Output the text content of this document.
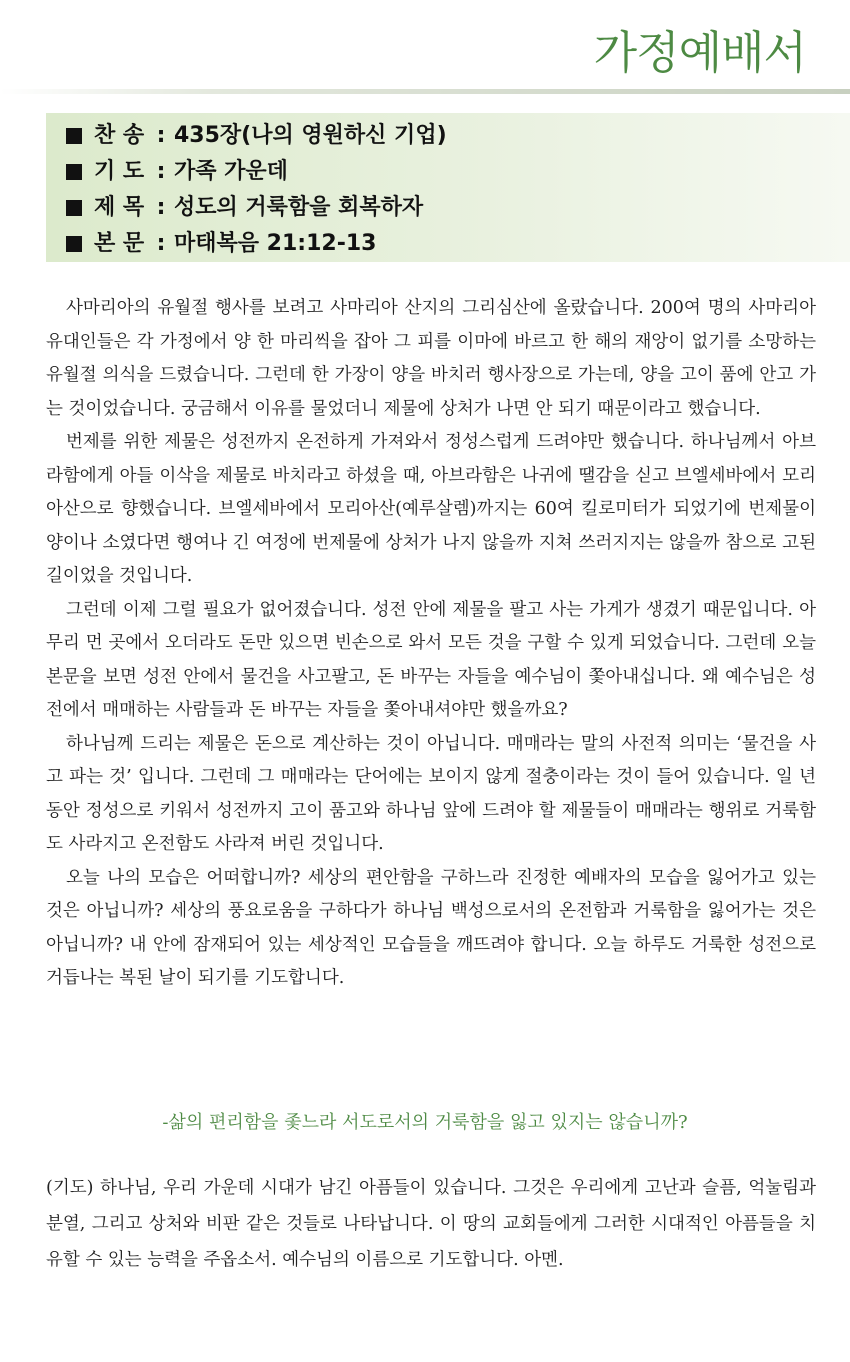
가정예배서
찬 송 : 435장(나의 영원하신 기업)
기 도 : 가족 가운데
제 목 : 성도의 거룩함을 회복하자
본 문 : 마태복음 21:12-13

사마리아의 유월절 행사를 보려고 사마리아 산지의 그리심산에 올랐습니다. 200여 명의 사마리아 유대인들은 각 가정에서 양 한 마리씩을 잡아 그 피를 이마에 바르고 한 해의 재앙이 없기를 소망하는 유월절 의식을 드렸습니다. 그런데 한 가장이 양을 바치러 행사장으로 가는데, 양을 고이 품에 안고 가는 것이었습니다. 궁금해서 이유를 물었더니 제물에 상처가 나면 안 되기 때문이라고 했습니다.

번제를 위한 제물은 성전까지 온전하게 가져와서 정성스럽게 드려야만 했습니다. 하나님께서 아브라함에게 아들 이삭을 제물로 바치라고 하셨을 때, 아브라함은 나귀에 땔감을 싣고 브엘세바에서 모리아산으로 향했습니다. 브엘세바에서 모리아산(예루살렘)까지는 60여 킬로미터가 되었기에 번제물이 양이나 소였다면 행여나 긴 여정에 번제물에 상처가 나지 않을까 지쳐 쓰러지지는 않을까 참으로 고된 길이었을 것입니다.

그런데 이제 그럴 필요가 없어졌습니다. 성전 안에 제물을 팔고 사는 가게가 생겼기 때문입니다. 아무리 먼 곳에서 오더라도 돈만 있으면 빈손으로 와서 모든 것을 구할 수 있게 되었습니다. 그런데 오늘 본문을 보면 성전 안에서 물건을 사고팔고, 돈 바꾸는 자들을 예수님이 쫓아내십니다. 왜 예수님은 성전에서 매매하는 사람들과 돈 바꾸는 자들을 쫓아내셔야만 했을까요?

하나님께 드리는 제물은 돈으로 계산하는 것이 아닙니다. 매매라는 말의 사전적 의미는 ‘물건을 사고 파는 것’ 입니다. 그런데 그 매매라는 단어에는 보이지 않게 절충이라는 것이 들어 있습니다. 일 년 동안 정성으로 키워서 성전까지 고이 품고와 하나님 앞에 드려야 할 제물들이 매매라는 행위로 거룩함도 사라지고 온전함도 사라져 버린 것입니다.

오늘 나의 모습은 어떠합니까? 세상의 편안함을 구하느라 진정한 예배자의 모습을 잃어가고 있는 것은 아닙니까? 세상의 풍요로움을 구하다가 하나님 백성으로서의 온전함과 거룩함을 잃어가는 것은 아닙니까? 내 안에 잠재되어 있는 세상적인 모습들을 깨뜨려야 합니다. 오늘 하루도 거룩한 성전으로 거듭나는 복된 날이 되기를 기도합니다.

-삶의 편리함을 좇느라 서도로서의 거룩함을 잃고 있지는 않습니까?

(기도) 하나님, 우리 가운데 시대가 남긴 아픔들이 있습니다. 그것은 우리에게 고난과 슬픔, 억눌림과 분열, 그리고 상처와 비판 같은 것들로 나타납니다. 이 땅의 교회들에게 그러한 시대적인 아픔들을 치유할 수 있는 능력을 주옵소서. 예수님의 이름으로 기도합니다. 아멘.
